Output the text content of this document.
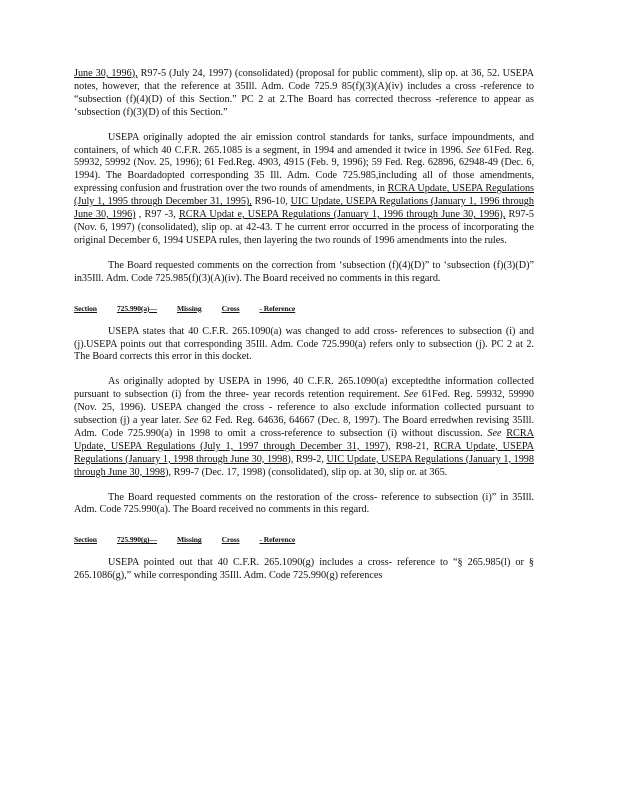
June 30, 1996), R97-5 (July 24, 1997) (consolidated) (proposal for public comment), slip op. at 36, 52. USEPA notes, however, that the reference at 35Ill. Adm. Code 725.9 85(f)(3)(A)(iv) includes a cross -reference to “subsection (f)(4)(D) of this Section.” PC 2 at 2.The Board has corrected thecross -reference to appear as ‘subsection (f)(3)(D) of this Section.”

USEPA originally adopted the air emission control standards for tanks, surface impoundments, and containers, of which 40 C.F.R. 265.1085 is a segment, in 1994 and amended it twice in 1996. See 61Fed. Reg. 59932, 59992 (Nov. 25, 1996); 61 Fed.Reg. 4903, 4915 (Feb. 9, 1996); 59 Fed. Reg. 62896, 62948-49 (Dec. 6, 1994). The Boardadopted corresponding 35 Ill. Adm. Code 725.985,including all of those amendments, expressing confusion and frustration over the two rounds of amendments, in RCRA Update, USEPA Regulations (July 1, 1995 through December 31, 1995), R96-10, UIC Update, USEPA Regulations (January 1, 1996 through June 30, 1996) , R97 -3, RCRA Updat e, USEPA Regulations (January 1, 1996 through June 30, 1996), R97-5 (Nov. 6, 1997) (consolidated), slip op. at 42-43. T he current error occurred in the process of incorporating the original December 6, 1994 USEPA rules, then layering the two rounds of 1996 amendments into the rules.

The Board requested comments on the correction from ‘subsection (f)(4)(D)” to ‘subsection (f)(3)(D)” in35Ill. Adm. Code 725.985(f)(3)(A)(iv). The Board received no comments in this regard.

Section	725.990(a)—	Missing	Cross	- Reference

USEPA states that 40 C.F.R. 265.1090(a) was changed to add cross- references to subsection (i) and (j).USEPA points out that corresponding 35Ill. Adm. Code 725.990(a) refers only to subsection (j). PC 2 at 2. The Board corrects this error in this docket.

As originally adopted by USEPA in 1996, 40 C.F.R. 265.1090(a) exceptedthe information collected pursuant to subsection (i) from the three- year records retention requirement. See 61Fed. Reg. 59932, 59990 (Nov. 25, 1996). USEPA changed the cross - reference to also exclude information collected pursuant to subsection (j) a year later. See 62 Fed. Reg. 64636, 64667 (Dec. 8, 1997). The Board erredwhen revising 35Ill. Adm. Code 725.990(a) in 1998 to omit a cross-reference to subsection (i) without discussion. See RCRA Update, USEPA Regulations (July 1, 1997 through December 31, 1997), R98-21, RCRA Update, USEPA Regulations (January 1, 1998 through June 30, 1998), R99-2, UIC Update, USEPA Regulations (January 1, 1998 through June 30, 1998), R99-7 (Dec. 17, 1998) (consolidated), slip op. at 30, slip or. at 365.

The Board requested comments on the restoration of the cross- reference to subsection (i)” in 35Ill. Adm. Code 725.990(a). The Board received no comments in this regard.

Section	725.990(g)—	Missing	Cross	- Reference

USEPA pointed out that 40 C.F.R. 265.1090(g) includes a cross- reference to “§ 265.985(l) or § 265.1086(g),” while corresponding 35Ill. Adm. Code 725.990(g) references
